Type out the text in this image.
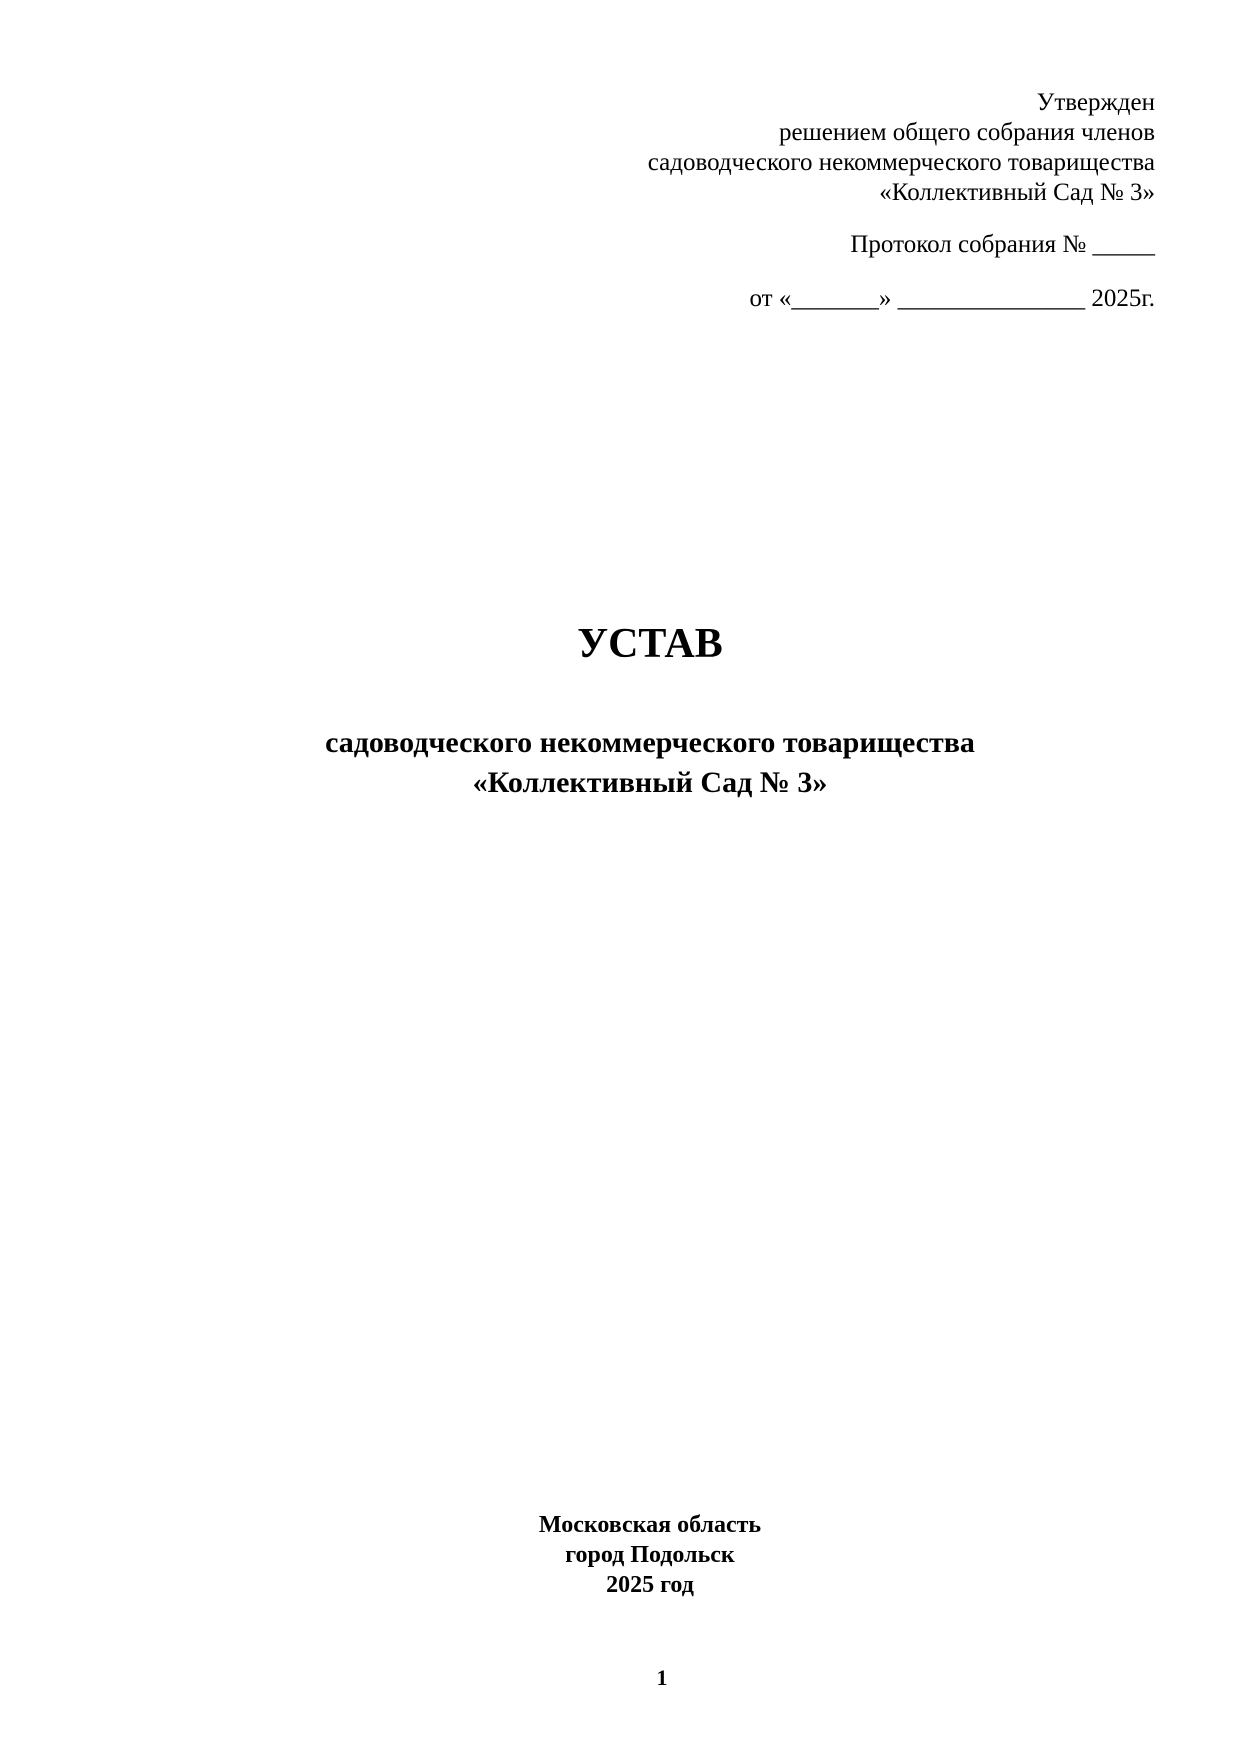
Утвержден
решением общего собрания членов
садоводческого некоммерческого товарищества
«Коллективный Сад № 3»
Протокол собрания № _____
от «_______» _______________ 2025г.
УСТАВ
садоводческого некоммерческого товарищества
«Коллективный Сад № 3»
Московская область
город Подольск
2025 год
1
